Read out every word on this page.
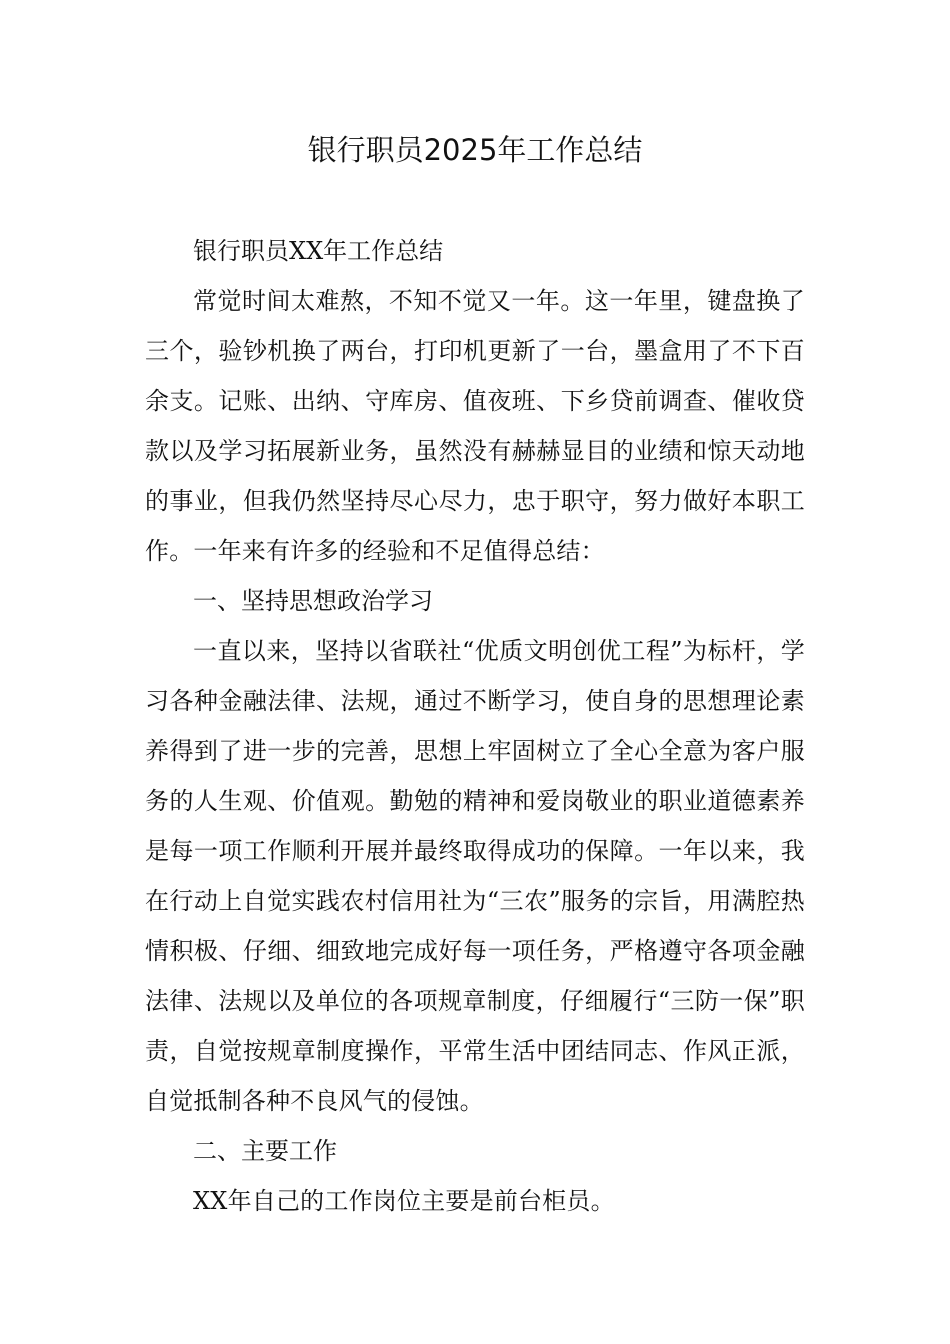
银行职员2025年工作总结

银行职员XX年工作总结

常觉时间太难熬，不知不觉又一年。这一年里，键盘换了三个，验钞机换了两台，打印机更新了一台，墨盒用了不下百余支。记账、出纳、守库房、值夜班、下乡贷前调查、催收贷款以及学习拓展新业务，虽然没有赫赫显目的业绩和惊天动地的事业，但我仍然坚持尽心尽力，忠于职守，努力做好本职工作。一年来有许多的经验和不足值得总结：

一、坚持思想政治学习

一直以来，坚持以省联社“优质文明创优工程”为标杆，学习各种金融法律、法规，通过不断学习，使自身的思想理论素养得到了进一步的完善，思想上牢固树立了全心全意为客户服务的人生观、价值观。勤勉的精神和爱岗敬业的职业道德素养是每一项工作顺利开展并最终取得成功的保障。一年以来，我在行动上自觉实践农村信用社为“三农”服务的宗旨，用满腔热情积极、仔细、细致地完成好每一项任务，严格遵守各项金融法律、法规以及单位的各项规章制度，仔细履行“三防一保”职责，自觉按规章制度操作，平常生活中团结同志、作风正派，自觉抵制各种不良风气的侵蚀。

二、主要工作

XX年自己的工作岗位主要是前台柜员。
